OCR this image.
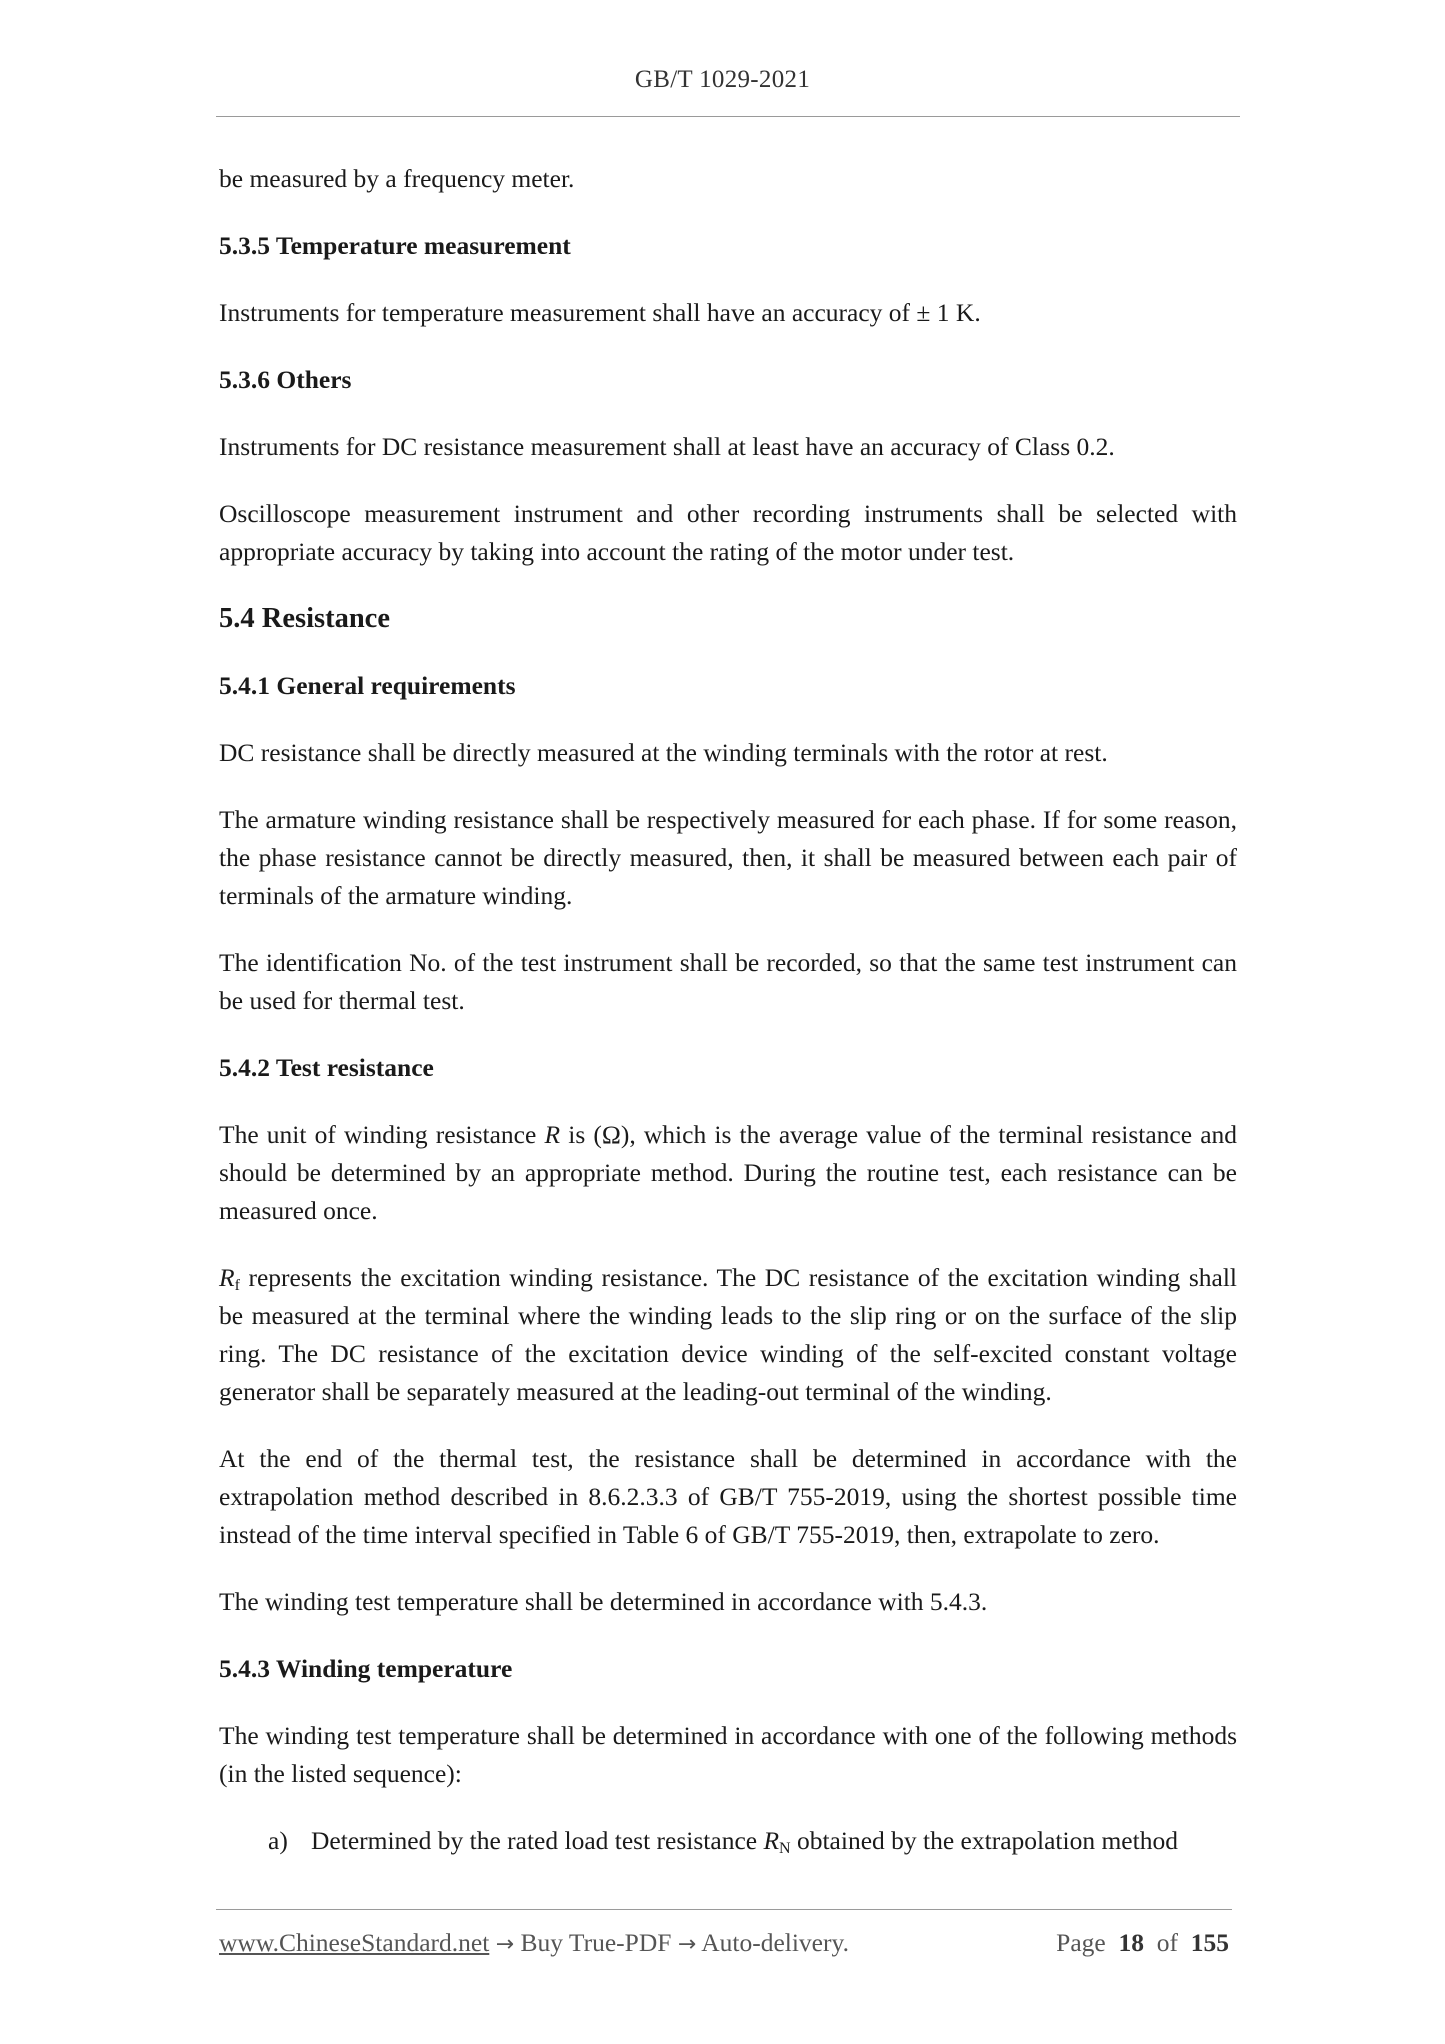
GB/T 1029-2021

be measured by a frequency meter.

5.3.5 Temperature measurement

Instruments for temperature measurement shall have an accuracy of ± 1 K.

5.3.6 Others

Instruments for DC resistance measurement shall at least have an accuracy of Class 0.2.

Oscilloscope measurement instrument and other recording instruments shall be selected with appropriate accuracy by taking into account the rating of the motor under test.

5.4 Resistance
5.4.1 General requirements

DC resistance shall be directly measured at the winding terminals with the rotor at rest.

The armature winding resistance shall be respectively measured for each phase. If for some reason, the phase resistance cannot be directly measured, then, it shall be measured between each pair of terminals of the armature winding.

The identification No. of the test instrument shall be recorded, so that the same test instrument can be used for thermal test.

5.4.2 Test resistance

The unit of winding resistance R is (Ω), which is the average value of the terminal resistance and should be determined by an appropriate method. During the routine test, each resistance can be measured once.

$R_f$ represents the excitation winding resistance. The DC resistance of the excitation winding shall be measured at the terminal where the winding leads to the slip ring or on the surface of the slip ring. The DC resistance of the excitation device winding of the self-excited constant voltage generator shall be separately measured at the leading-out terminal of the winding.

At the end of the thermal test, the resistance shall be determined in accordance with the extrapolation method described in 8.6.2.3.3 of GB/T 755-2019, using the shortest possible time instead of the time interval specified in Table 6 of GB/T 755-2019, then, extrapolate to zero.

The winding test temperature shall be determined in accordance with 5.4.3.

5.4.3 Winding temperature

The winding test temperature shall be determined in accordance with one of the following methods (in the listed sequence):

a) Determined by the rated load test resistance $R_N$ obtained by the extrapolation method
www.ChineseStandard.net → Buy True-PDF → Auto-delivery.	Page 18 of 155
